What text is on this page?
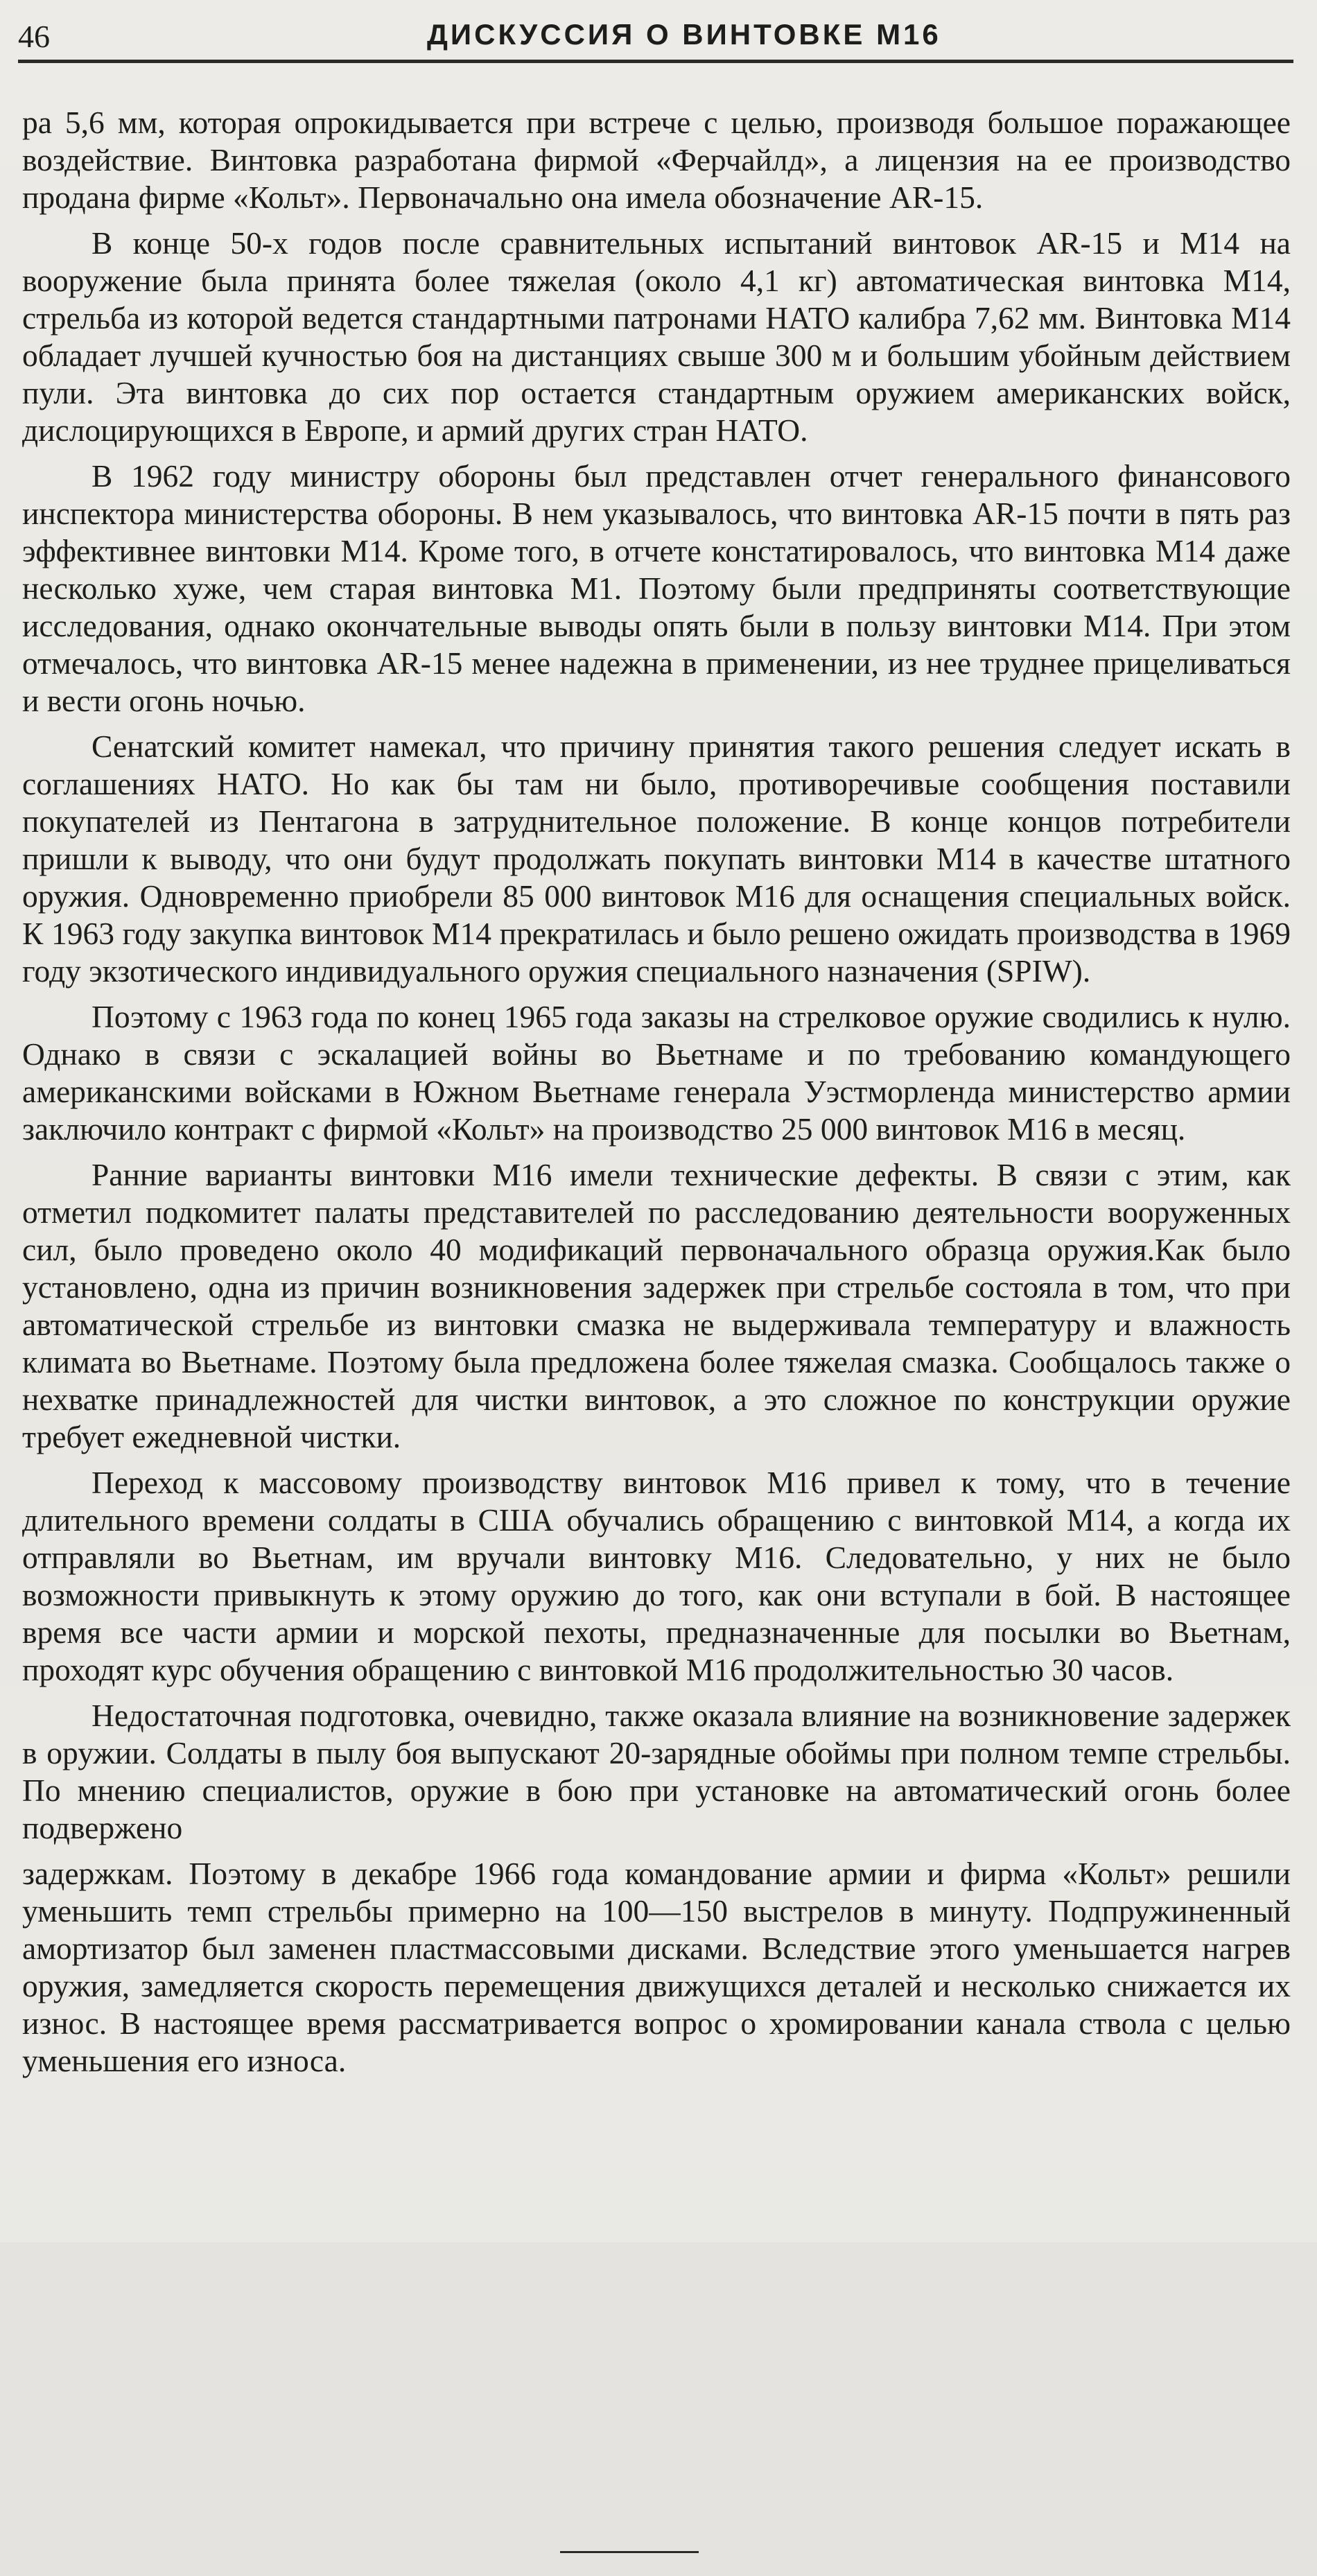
46	ДИСКУССИЯ О ВИНТОВКЕ М16

ра 5,6 мм, которая опрокидывается при встрече с целью, производя большое поражающее воздействие. Винтовка разработана фирмой «Ферчайлд», а лицензия на ее производство продана фирме «Кольт». Первоначально она имела обозначение AR-15.

В конце 50-х годов после сравнительных испытаний винтовок AR-15 и М14 на вооружение была принята более тяжелая (около 4,1 кг) автоматическая винтовка М14, стрельба из которой ведется стандартными патронами НАТО калибра 7,62 мм. Винтовка М14 обладает лучшей кучностью боя на дистанциях свыше 300 м и большим убойным действием пули. Эта винтовка до сих пор остается стандартным оружием американских войск, дислоцирующихся в Европе, и армий других стран НАТО.

В 1962 году министру обороны был представлен отчет генерального финансового инспектора министерства обороны. В нем указывалось, что винтовка AR-15 почти в пять раз эффективнее винтовки М14. Кроме того, в отчете констатировалось, что винтовка М14 даже несколько хуже, чем старая винтовка М1. Поэтому были предприняты соответствующие исследования, однако окончательные выводы опять были в пользу винтовки М14. При этом отмечалось, что винтовка AR-15 менее надежна в применении, из нее труднее прицеливаться и вести огонь ночью.

Сенатский комитет намекал, что причину принятия такого решения следует искать в соглашениях НАТО. Но как бы там ни было, противоречивые сообщения поставили покупателей из Пентагона в затруднительное положение. В конце концов потребители пришли к выводу, что они будут продолжать покупать винтовки М14 в качестве штатного оружия. Одновременно приобрели 85 000 винтовок М16 для оснащения специальных войск. К 1963 году закупка винтовок М14 прекратилась и было решено ожидать производства в 1969 году экзотического индивидуального оружия специального назначения (SPIW).

Поэтому с 1963 года по конец 1965 года заказы на стрелковое оружие сводились к нулю. Однако в связи с эскалацией войны во Вьетнаме и по требованию командующего американскими войсками в Южном Вьетнаме генерала Уэстморленда министерство армии заключило контракт с фирмой «Кольт» на производство 25 000 винтовок М16 в месяц.

Ранние варианты винтовки М16 имели технические дефекты. В связи с этим, как отметил подкомитет палаты представителей по расследованию деятельности вооруженных сил, было проведено около 40 модификаций первоначального образца оружия.Как было установлено, одна из причин возникновения задержек при стрельбе состояла в том, что при автоматической стрельбе из винтовки смазка не выдерживала температуру и влажность климата во Вьетнаме. Поэтому была предложена более тяжелая смазка. Сообщалось также о нехватке принадлежностей для чистки винтовок, а это сложное по конструкции оружие требует ежедневной чистки.

Переход к массовому производству винтовок М16 привел к тому, что в течение длительного времени солдаты в США обучались обращению с винтовкой М14, а когда их отправляли во Вьетнам, им вручали винтовку М16. Следовательно, у них не было возможности привыкнуть к этому оружию до того, как они вступали в бой. В настоящее время все части армии и морской пехоты, предназначенные для посылки во Вьетнам, проходят курс обучения обращению с винтовкой М16 продолжительностью 30 часов.

Недостаточная подготовка, очевидно, также оказала влияние на возникновение задержек в оружии. Солдаты в пылу боя выпускают 20-зарядные обоймы при полном темпе стрельбы. По мнению специалистов, оружие в бою при установке на автоматический огонь более подвержено

задержкам. Поэтому в декабре 1966 года командование армии и фирма «Кольт» решили уменьшить темп стрельбы примерно на 100—150 выстрелов в минуту. Подпружиненный амортизатор был заменен пластмассовыми дисками. Вследствие этого уменьшается нагрев оружия, замедляется скорость перемещения движущихся деталей и несколько снижается их износ. В настоящее время рассматривается вопрос о хромировании канала ствола с целью уменьшения его износа.
